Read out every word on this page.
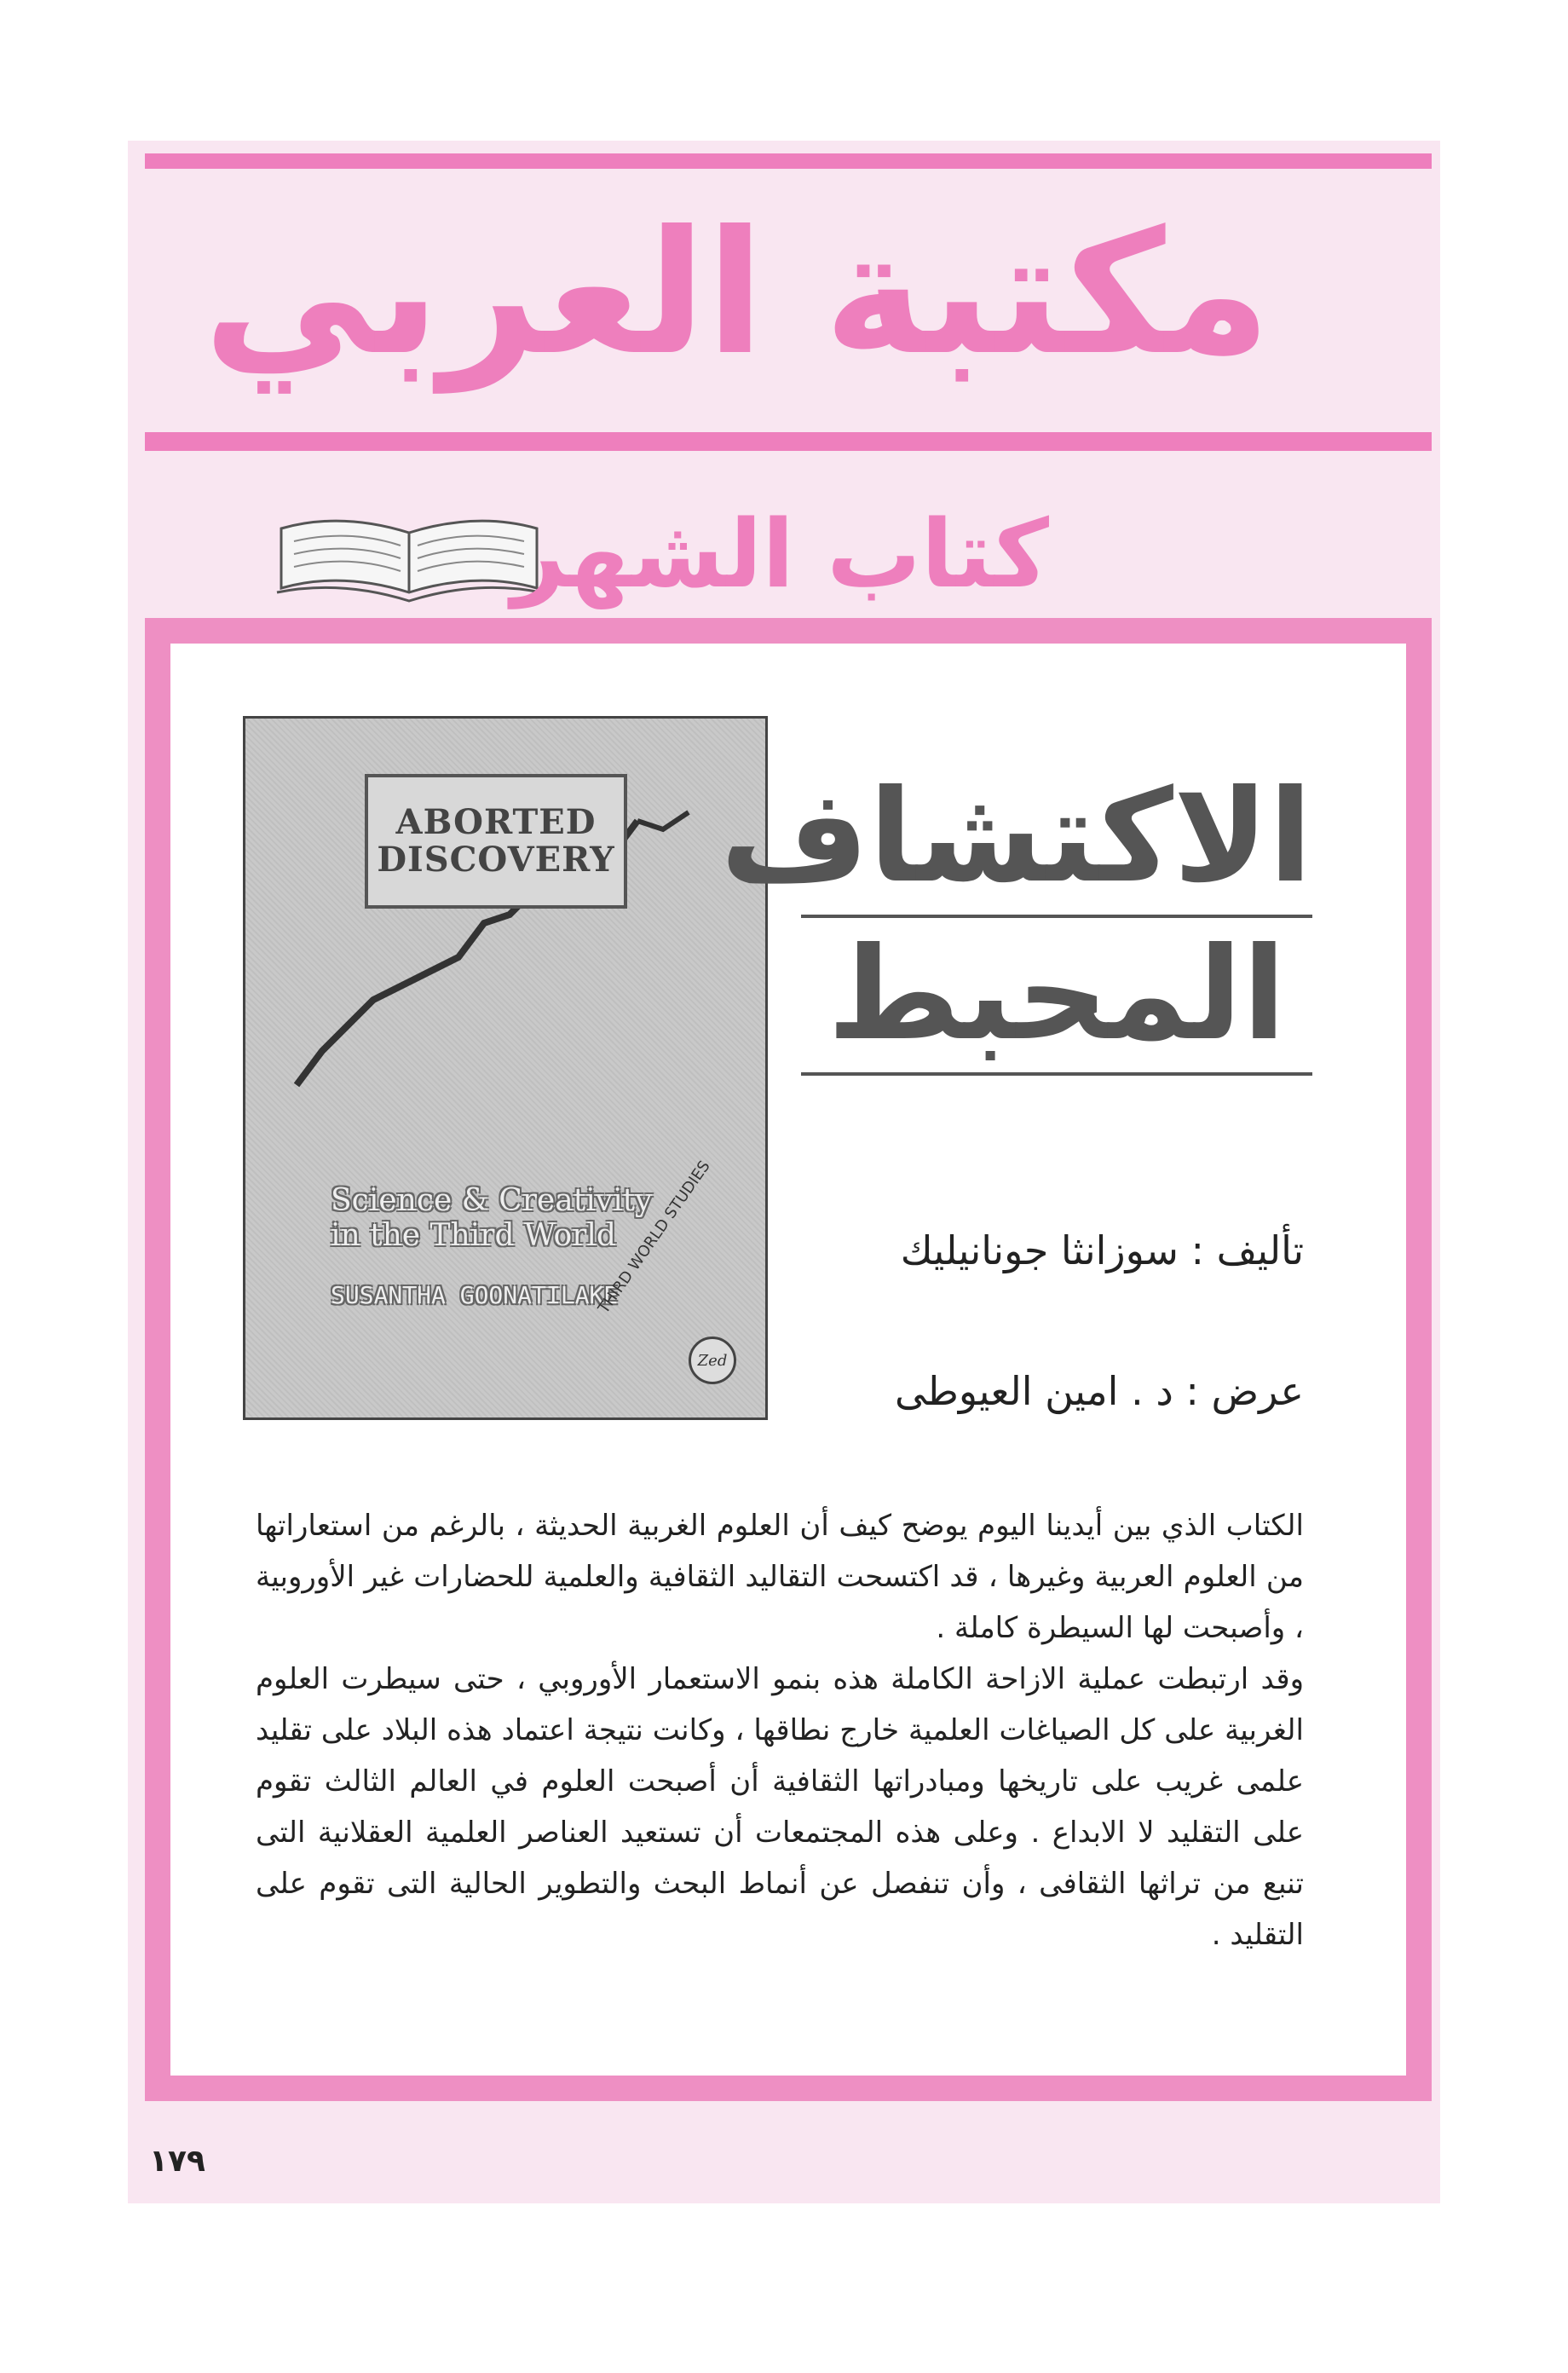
مكتبة العربي
كتاب الشهر
ABORTED
DISCOVERY
Science & Creativity
in the Third World
SUSANTHA GOONATILAKE
THIRD WORLD STUDIES
Zed
الاكتشاف
المحبط
تأليف : سوزانثا جونانيليك
عرض : د . امين العيوطى

الكتاب الذي بين أيدينا اليوم يوضح كيف أن العلوم الغربية الحديثة ، بالرغم من استعاراتها من العلوم العربية وغيرها ، قد اكتسحت التقاليد الثقافية والعلمية للحضارات غير الأوروبية ، وأصبحت لها السيطرة كاملة .

وقد ارتبطت عملية الازاحة الكاملة هذه بنمو الاستعمار الأوروبي ، حتى سيطرت العلوم الغربية على كل الصياغات العلمية خارج نطاقها ، وكانت نتيجة اعتماد هذه البلاد على تقليد علمى غريب على تاريخها ومبادراتها الثقافية أن أصبحت العلوم في العالم الثالث تقوم على التقليد لا الابداع . وعلى هذه المجتمعات أن تستعيد العناصر العلمية العقلانية التى تنبع من تراثها الثقافى ، وأن تنفصل عن أنماط البحث والتطوير الحالية التى تقوم على التقليد .

١٧٩
